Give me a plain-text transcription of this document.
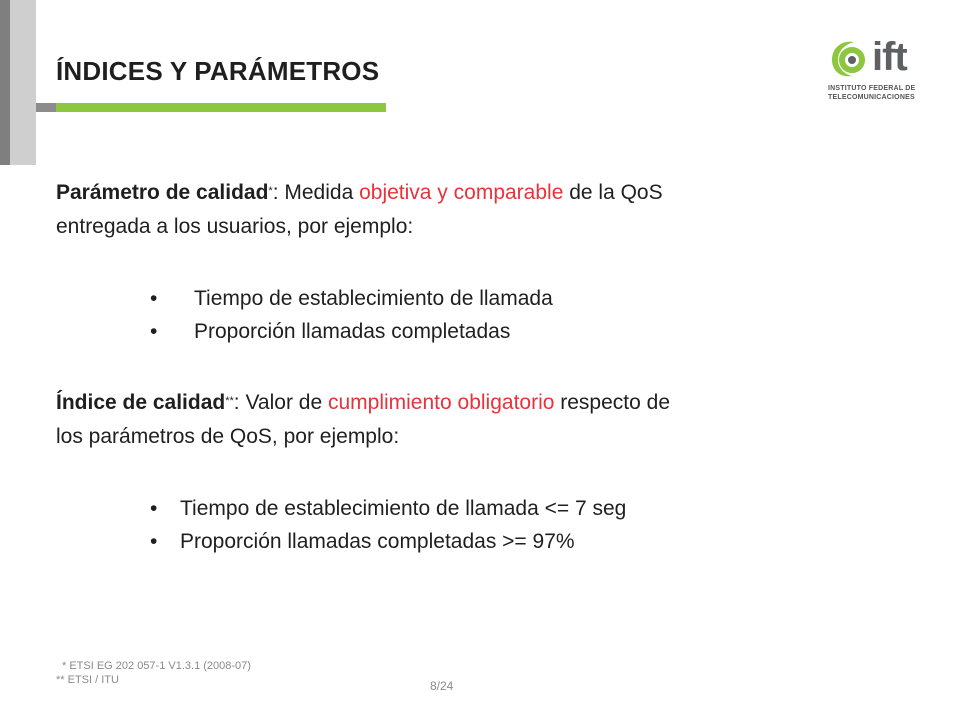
ÍNDICES Y PARÁMETROS	ift
INSTITUTO FEDERAL DE
TELECOMUNICACIONES
Parámetro de calidad*: Medida objetiva y comparable de la QoS
entregada a los usuarios, por ejemplo:
• Tiempo de establecimiento de llamada
• Proporción llamadas completadas
Índice de calidad**: Valor de cumplimiento obligatorio respecto de
los parámetros de QoS, por ejemplo:
• Tiempo de establecimiento de llamada <= 7 seg
• Proporción llamadas completadas >= 97%
* ETSI EG 202 057-1 V1.3.1 (2008-07)
** ETSI / ITU	8/24
